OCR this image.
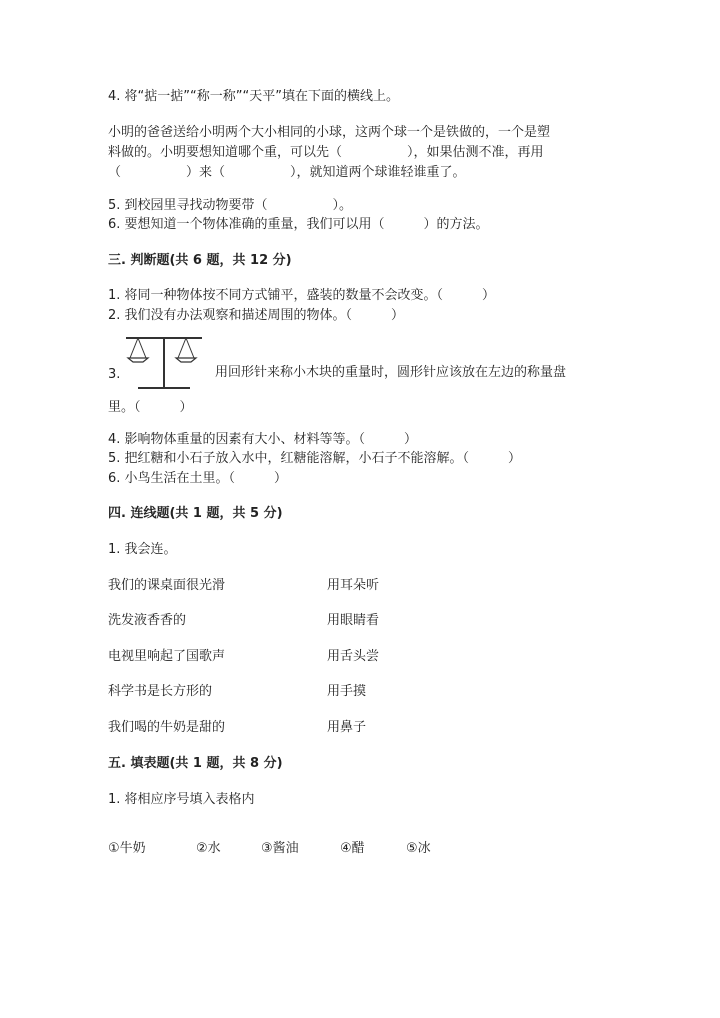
4. 将“掂一掂”“称一称”“天平”填在下面的横线上。
小明的爸爸送给小明两个大小相同的小球，这两个球一个是铁做的，一个是塑
料做的。小明要想知道哪个重，可以先（　　　　　），如果估测不准，再用
（　　　　　）来（　　　　　），就知道两个球谁轻谁重了。
5. 到校园里寻找动物要带（　　　　　）。
6. 要想知道一个物体准确的重量，我们可以用（　　　）的方法。
三. 判断题(共 6 题，共 12 分)
1. 将同一种物体按不同方式铺平，盛装的数量不会改变。（　　　）
2. 我们没有办法观察和描述周围的物体。（　　　）
3.	用回形针来称小木块的重量时，圆形针应该放在左边的称量盘
里。（　　　）
4. 影响物体重量的因素有大小、材料等等。（　　　）
5. 把红糖和小石子放入水中，红糖能溶解，小石子不能溶解。（　　　）
6. 小鸟生活在土里。（　　　）
四. 连线题(共 1 题，共 5 分)
1. 我会连。
我们的课桌面很光滑	用耳朵听
洗发液香香的	用眼睛看
电视里响起了国歌声	用舌头尝
科学书是长方形的	用手摸
我们喝的牛奶是甜的	用鼻子
五. 填表题(共 1 题，共 8 分)
1. 将相应序号填入表格内
①牛奶	②水	③酱油	④醋	⑤冰
